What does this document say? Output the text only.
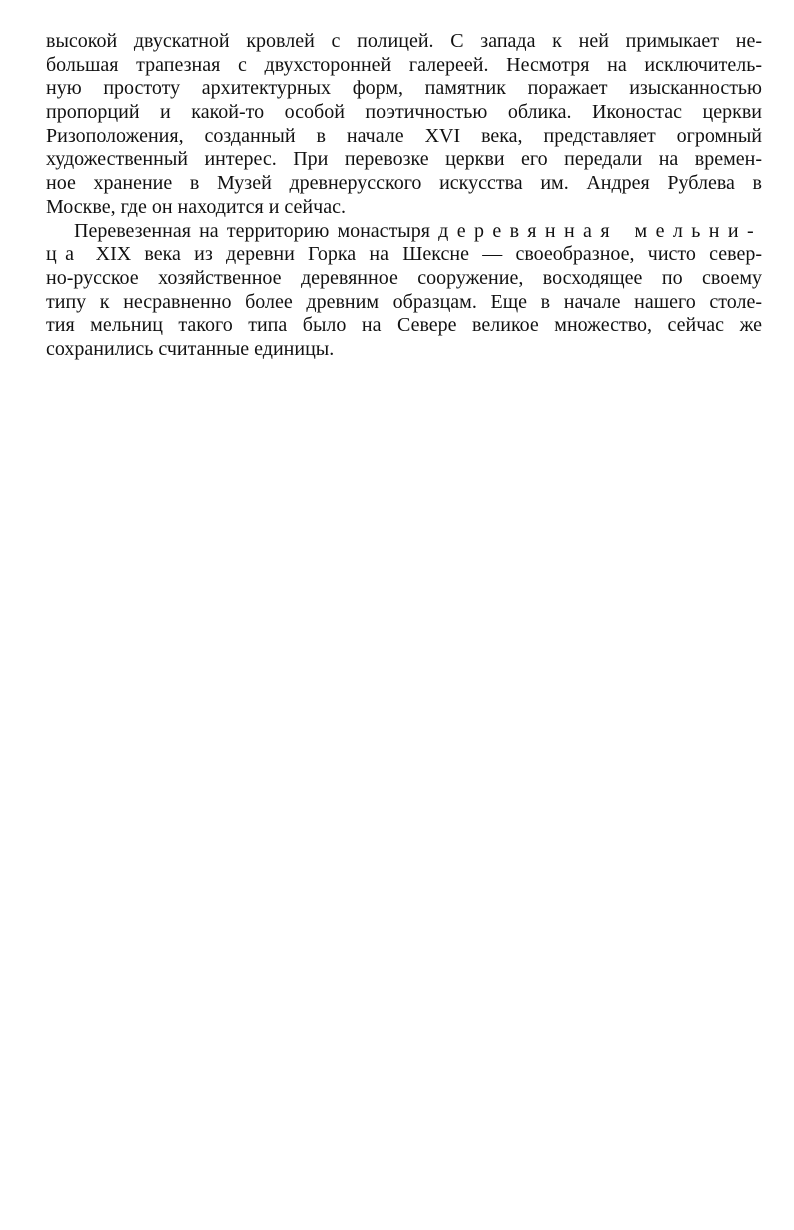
высокой двускатной кровлей с полицей. С запада к ней примыкает не-
большая трапезная с двухсторонней галереей. Несмотря на исключитель-
ную простоту архитектурных форм, памятник поражает изысканностью
пропорций и какой-то особой поэтичностью облика. Иконостас церкви
Ризоположения, созданный в начале XVI века, представляет огромный
художественный интерес. При перевозке церкви его передали на времен-
ное хранение в Музей древнерусского искусства им. Андрея Рублева в
Москве, где он находится и сейчас.

Перевезенная на территорию монастыря деревянная мельни-
ца XIX века из деревни Горка на Шексне — своеобразное, чисто север-
но-русское хозяйственное деревянное сооружение, восходящее по своему
типу к несравненно более древним образцам. Еще в начале нашего столе-
тия мельниц такого типа было на Севере великое множество, сейчас же
сохранились считанные единицы.
